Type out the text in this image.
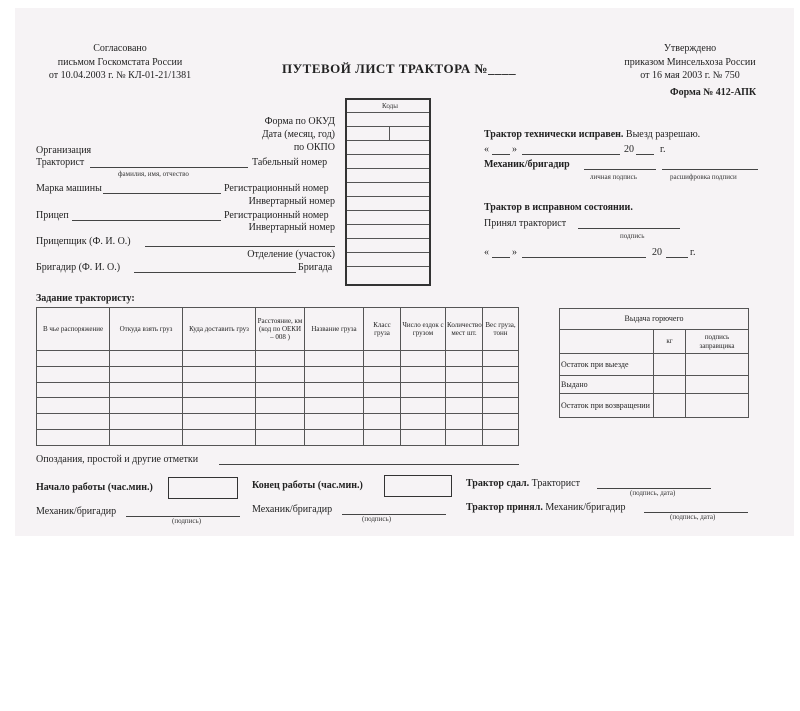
Согласовано
письмом Госкомстата России
от 10.04.2003 г. № КЛ-01-21/1381	ПУТЕВОЙ ЛИСТ ТРАКТОРА №____
Утверждено
приказом Минсельхоза России
от 16 мая 2003 г. № 750
Форма № 412-АПК
Коды
Форма по ОКУД
Дата (месяц, год)
по ОКПО
Организация
Тракторист	Табельный номер
фамилия, имя, отчество
Марка машины	Регистрационный номер
Инвертарный номер
Прицеп	Регистрационный номер
Инвертарный номер
Прицепщик (Ф. И. О.)
Отделение (участок)
Бригадир (Ф. И. О.)	Бригада
Трактор технически исправен. Выезд разрешаю.
« »	20	г.
Механик/бригадир
личная подпись	расшифровка подписи
Трактор в исправном состоянии.
Принял тракторист
подпись
« »	20	г.
Задание трактористу:
В чье распоряжение	Откуда взять груз	Куда доставить груз	Расстояние, км (код по ОЕКИ – 008 )	Название груза	Класс груза	Число ездок с грузом	Количество мест шт.	Вес груза, тонн

Выдача горючего		
	кг	подпись заправщика
Остаток при выезде		
Выдано		
Остаток при возвращении		
Опоздания, простой и другие отметки
Начало работы (час.мин.)	Конец работы (час.мин.)	Трактор сдал. Тракторист
(подпись, дата)
Механик/бригадир
(подпись)
Механик/бригадир
(подпись)
Трактор принял. Механик/бригадир
(подпись, дата)
